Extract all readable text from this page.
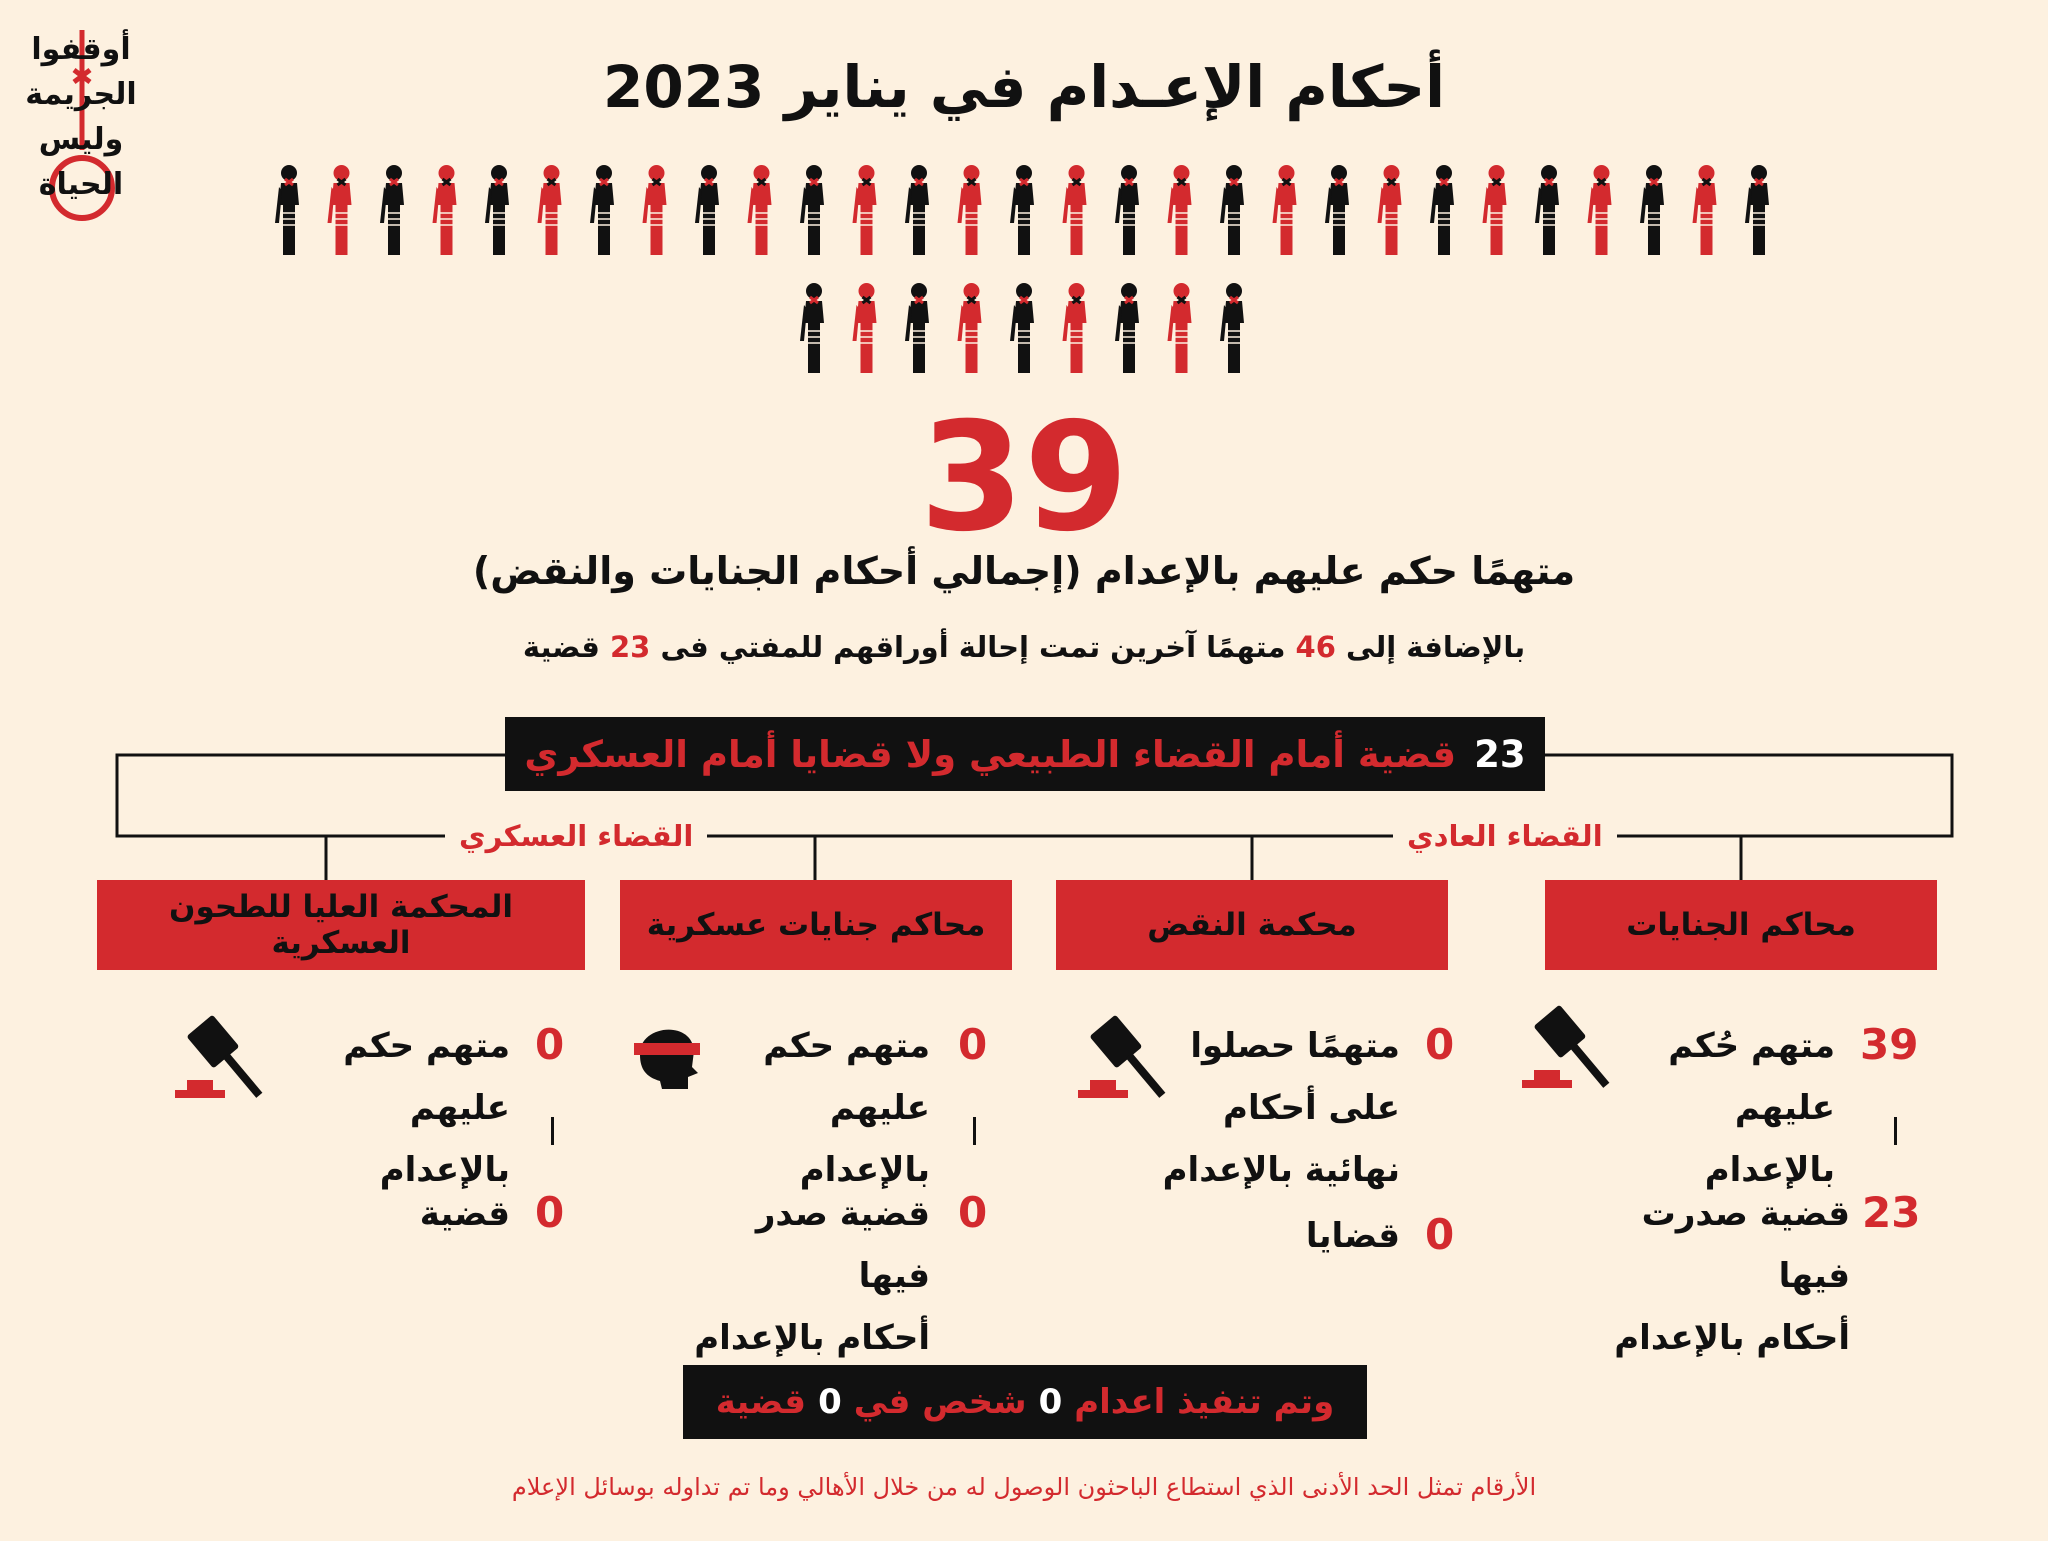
أوقفوا
الجريمة
وليس
الحياة
أحكام الإعـدام في يناير 2023
39
متهمًا حكم عليهم بالإعدام (إجمالي أحكام الجنايات والنقض)
بالإضافة إلى 46 متهمًا آخرين تمت إحالة أوراقهم للمفتي فى 23 قضية
23
قضية أمام القضاء الطبيعي ولا قضايا أمام العسكري
القضاء العسكري	القضاء العادي
محاكم الجنايات
محكمة النقض
محاكم جنايات عسكرية
المحكمة العليا للطحون العسكرية
39
متهم حُكم
عليهم بالإعدام
23
قضية صدرت فيها
أحكام بالإعدام
0
متهمًا حصلوا
على أحكام
نهائية بالإعدام
0
قضايا
0
متهم حكم
عليهم بالإعدام
0
قضية صدر فيها
أحكام بالإعدام
0
متهم حكم
عليهم بالإعدام
0
قضية
وتم تنفيذ اعدام
0
شخص في
0
قضية
الأرقام تمثل الحد الأدنى الذي استطاع الباحثون الوصول له من خلال الأهالي وما تم تداوله بوسائل الإعلام
